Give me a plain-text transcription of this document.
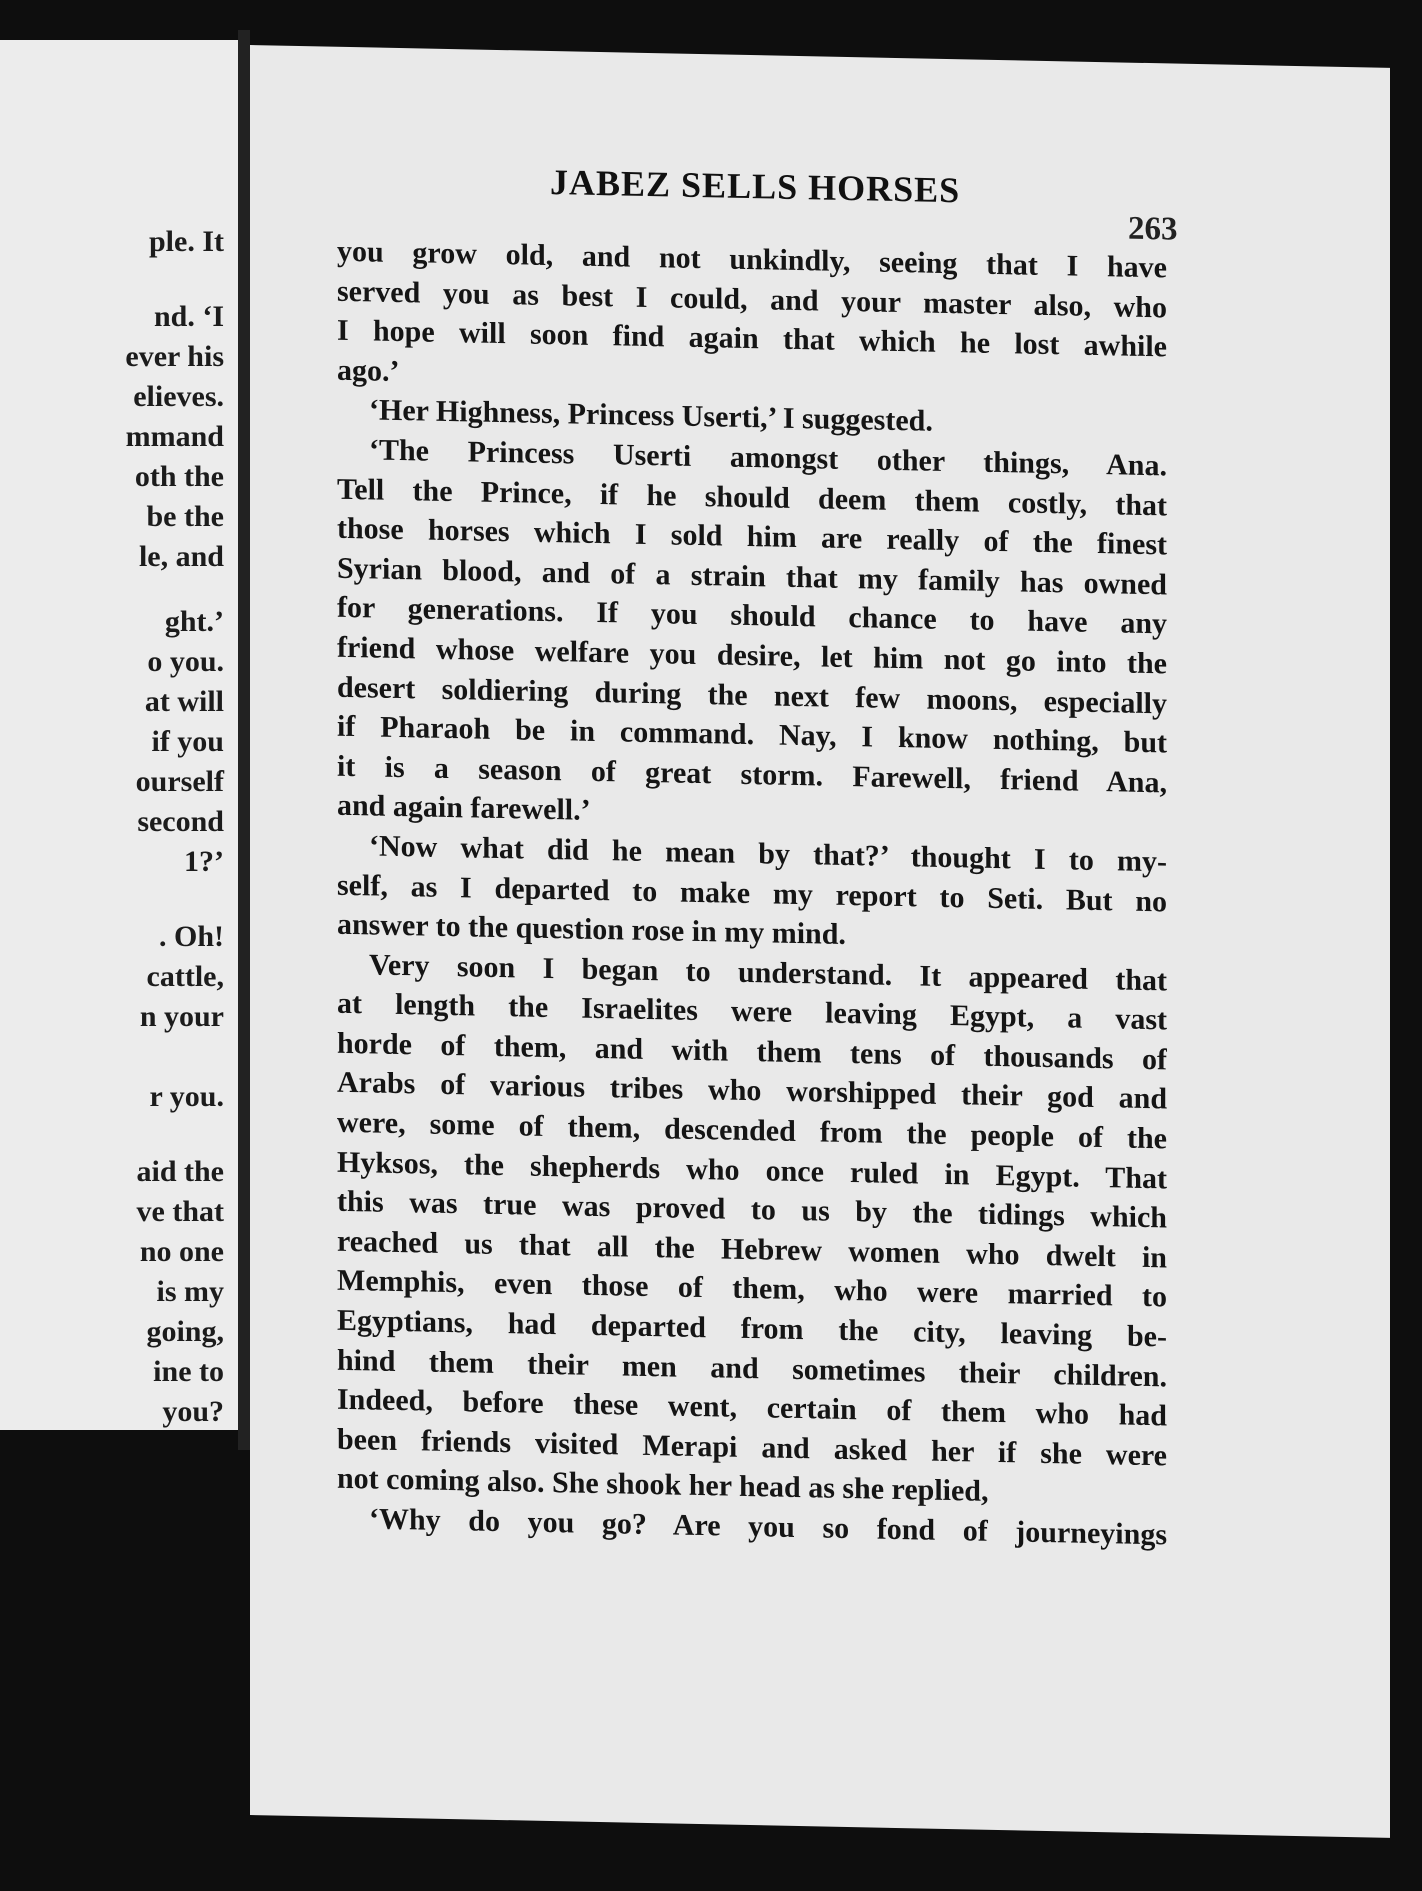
ple. It
nd. ‘I
ever his
elieves.
mmand
oth the
be the
le, and
ght.’
o you.
at will
if you
ourself
second
1?’
. Oh!
cattle,
n your
r you.
aid the
ve that
no one
is my
going,
ine to
you?
JABEZ SELLS HORSES
263
you grow old, and not unkindly, seeing that I have
served you as best I could, and your master also, who
I hope will soon find again that which he lost awhile
ago.’
‘Her Highness, Princess Userti,’ I suggested.
‘The Princess Userti amongst other things, Ana.
Tell the Prince, if he should deem them costly, that
those horses which I sold him are really of the finest
Syrian blood, and of a strain that my family has owned
for generations. If you should chance to have any
friend whose welfare you desire, let him not go into the
desert soldiering during the next few moons, especially
if Pharaoh be in command. Nay, I know nothing, but
it is a season of great storm. Farewell, friend Ana,
and again farewell.’
‘Now what did he mean by that?’ thought I to my-
self, as I departed to make my report to Seti. But no
answer to the question rose in my mind.
Very soon I began to understand. It appeared that
at length the Israelites were leaving Egypt, a vast
horde of them, and with them tens of thousands of
Arabs of various tribes who worshipped their god and
were, some of them, descended from the people of the
Hyksos, the shepherds who once ruled in Egypt. That
this was true was proved to us by the tidings which
reached us that all the Hebrew women who dwelt in
Memphis, even those of them, who were married to
Egyptians, had departed from the city, leaving be-
hind them their men and sometimes their children.
Indeed, before these went, certain of them who had
been friends visited Merapi and asked her if she were
not coming also. She shook her head as she replied,
‘Why do you go? Are you so fond of journeyings
